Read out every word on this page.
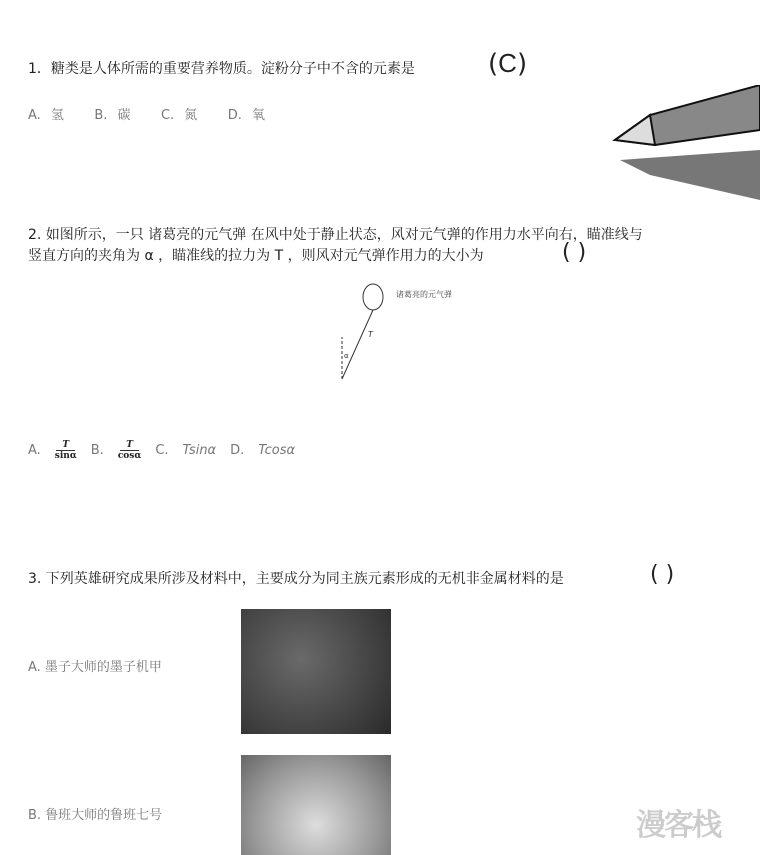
1．糖类是人体所需的重要营养物质。淀粉分子中不含的元素是	(C)
A. 氢 B. 碳 C. 氮 D. 氧
2. 如图所示，一只 诸葛亮的元气弹 在风中处于静止状态，风对元气弹的作用力水平向右，瞄准线与
竖直方向的夹角为 α ，瞄准线的拉力为 T ，则风对元气弹作用力的大小为	( )
诸葛亮的元气弹
T
α
A. $\frac{T}{\sin\alpha} B$. $\frac{T}{\cos\alpha} C$. Tsinα D. Tcosα
3. 下列英雄研究成果所涉及材料中，主要成分为同主族元素形成的无机非金属材料的是	( )
A. 墨子大师的墨子机甲
B. 鲁班大师的鲁班七号	漫客栈
